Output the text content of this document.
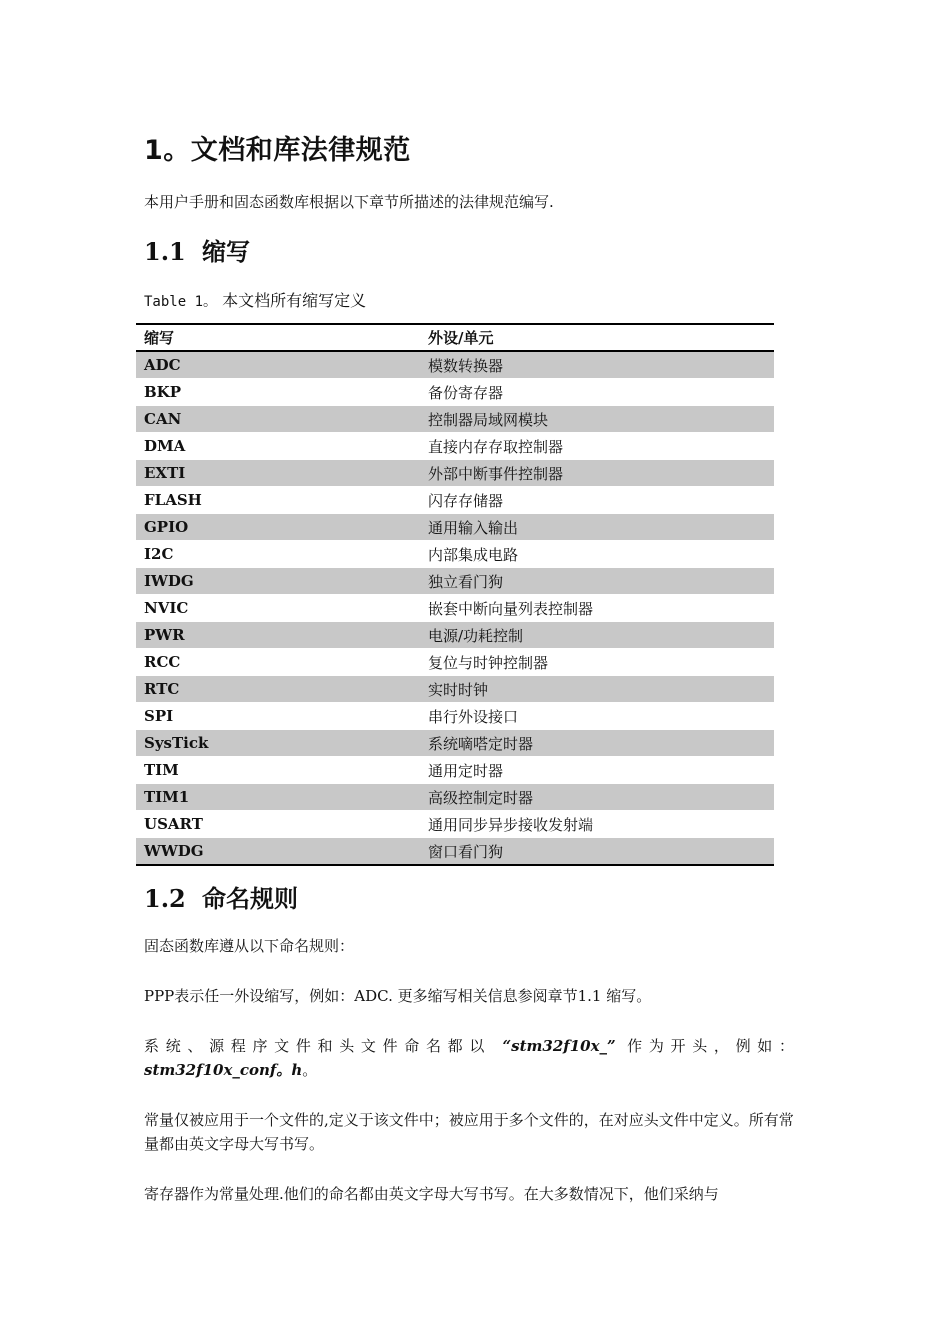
1。文档和库法律规范
本用户手册和固态函数库根据以下章节所描述的法律规范编写.
1.1 缩写
Table 1。 本文档所有缩写定义
缩写	外设/单元
ADC	模数转换器
BKP	备份寄存器
CAN	控制器局域网模块
DMA	直接内存存取控制器
EXTI	外部中断事件控制器
FLASH	闪存存储器
GPIO	通用输入输出
I2C	内部集成电路
IWDG	独立看门狗
NVIC	嵌套中断向量列表控制器
PWR	电源/功耗控制
RCC	复位与时钟控制器
RTC	实时时钟
SPI	串行外设接口
SysTick	系统嘀嗒定时器
TIM	通用定时器
TIM1	高级控制定时器
USART	通用同步异步接收发射端
WWDG	窗口看门狗
1.2 命名规则
固态函数库遵从以下命名规则：
PPP表示任一外设缩写，例如：ADC. 更多缩写相关信息参阅章节1.1 缩写。
系统、源程序文件和头文件命名都以 “stm32f10x_” 作为开头，例如：
stm32f10x_conf。h。
常量仅被应用于一个文件的,定义于该文件中；被应用于多个文件的，在对应头文件中定义。所有常量都由英文字母大写书写。
寄存器作为常量处理.他们的命名都由英文字母大写书写。在大多数情况下，他们采纳与
